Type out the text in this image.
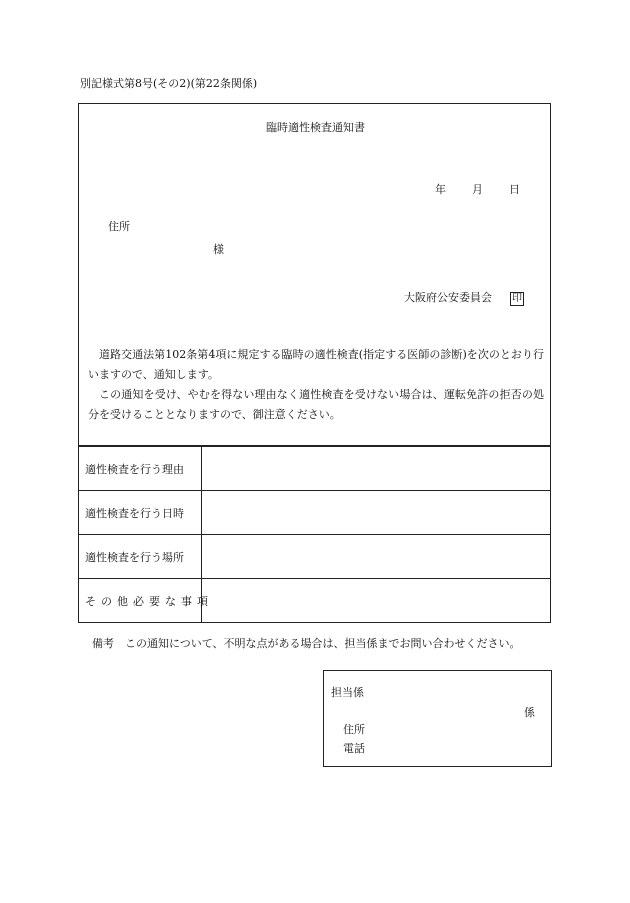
別記様式第8号(その2)(第22条関係)
臨時適性検査通知書
年 月 日
住所
様
大阪府公安委員会 印

道路交通法第102条第4項に規定する臨時の適性検査(指定する医師の診断)を次のとおり行いますので、通知します。

この通知を受け、やむを得ない理由なく適性検査を受けない場合は、運転免許の拒否の処分を受けることとなりますので、御注意ください。

適性検査を行う理由	
適性検査を行う日時	
適性検査を行う場所	
その他必要な事項	
備考　この通知について、不明な点がある場合は、担当係までお問い合わせください。
担当係
係
住所
電話
